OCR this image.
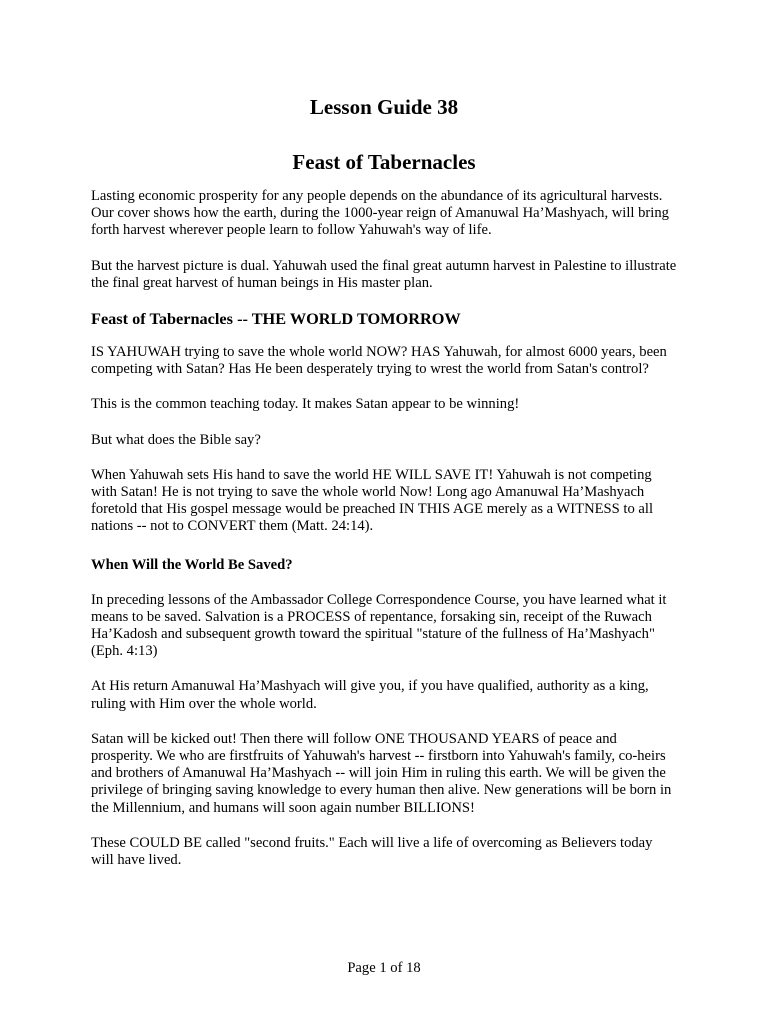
Lesson Guide 38
Feast of Tabernacles

Lasting economic prosperity for any people depends on the abundance of its agricultural harvests. Our cover shows how the earth, during the 1000-year reign of Amanuwal Ha’Mashyach, will bring forth harvest wherever people learn to follow Yahuwah's way of life.

But the harvest picture is dual. Yahuwah used the final great autumn harvest in Palestine to illustrate the final great harvest of human beings in His master plan.

Feast of Tabernacles -- THE WORLD TOMORROW

IS YAHUWAH trying to save the whole world NOW? HAS Yahuwah, for almost 6000 years, been competing with Satan? Has He been desperately trying to wrest the world from Satan's control?

This is the common teaching today. It makes Satan appear to be winning!

But what does the Bible say?

When Yahuwah sets His hand to save the world HE WILL SAVE IT! Yahuwah is not competing with Satan! He is not trying to save the whole world Now! Long ago Amanuwal Ha’Mashyach foretold that His gospel message would be preached IN THIS AGE merely as a WITNESS to all nations -- not to CONVERT them (Matt. 24:14).

When Will the World Be Saved?

In preceding lessons of the Ambassador College Correspondence Course, you have learned what it means to be saved. Salvation is a PROCESS of repentance, forsaking sin, receipt of the Ruwach Ha’Kadosh and subsequent growth toward the spiritual "stature of the fullness of Ha’Mashyach" (Eph. 4:13)

At His return Amanuwal Ha’Mashyach will give you, if you have qualified, authority as a king, ruling with Him over the whole world.

Satan will be kicked out! Then there will follow ONE THOUSAND YEARS of peace and prosperity. We who are firstfruits of Yahuwah's harvest -- firstborn into Yahuwah's family, co-heirs and brothers of Amanuwal Ha’Mashyach -- will join Him in ruling this earth. We will be given the privilege of bringing saving knowledge to every human then alive. New generations will be born in the Millennium, and humans will soon again number BILLIONS!

These COULD BE called "second fruits." Each will live a life of overcoming as Believers today will have lived.

Page 1 of 18
